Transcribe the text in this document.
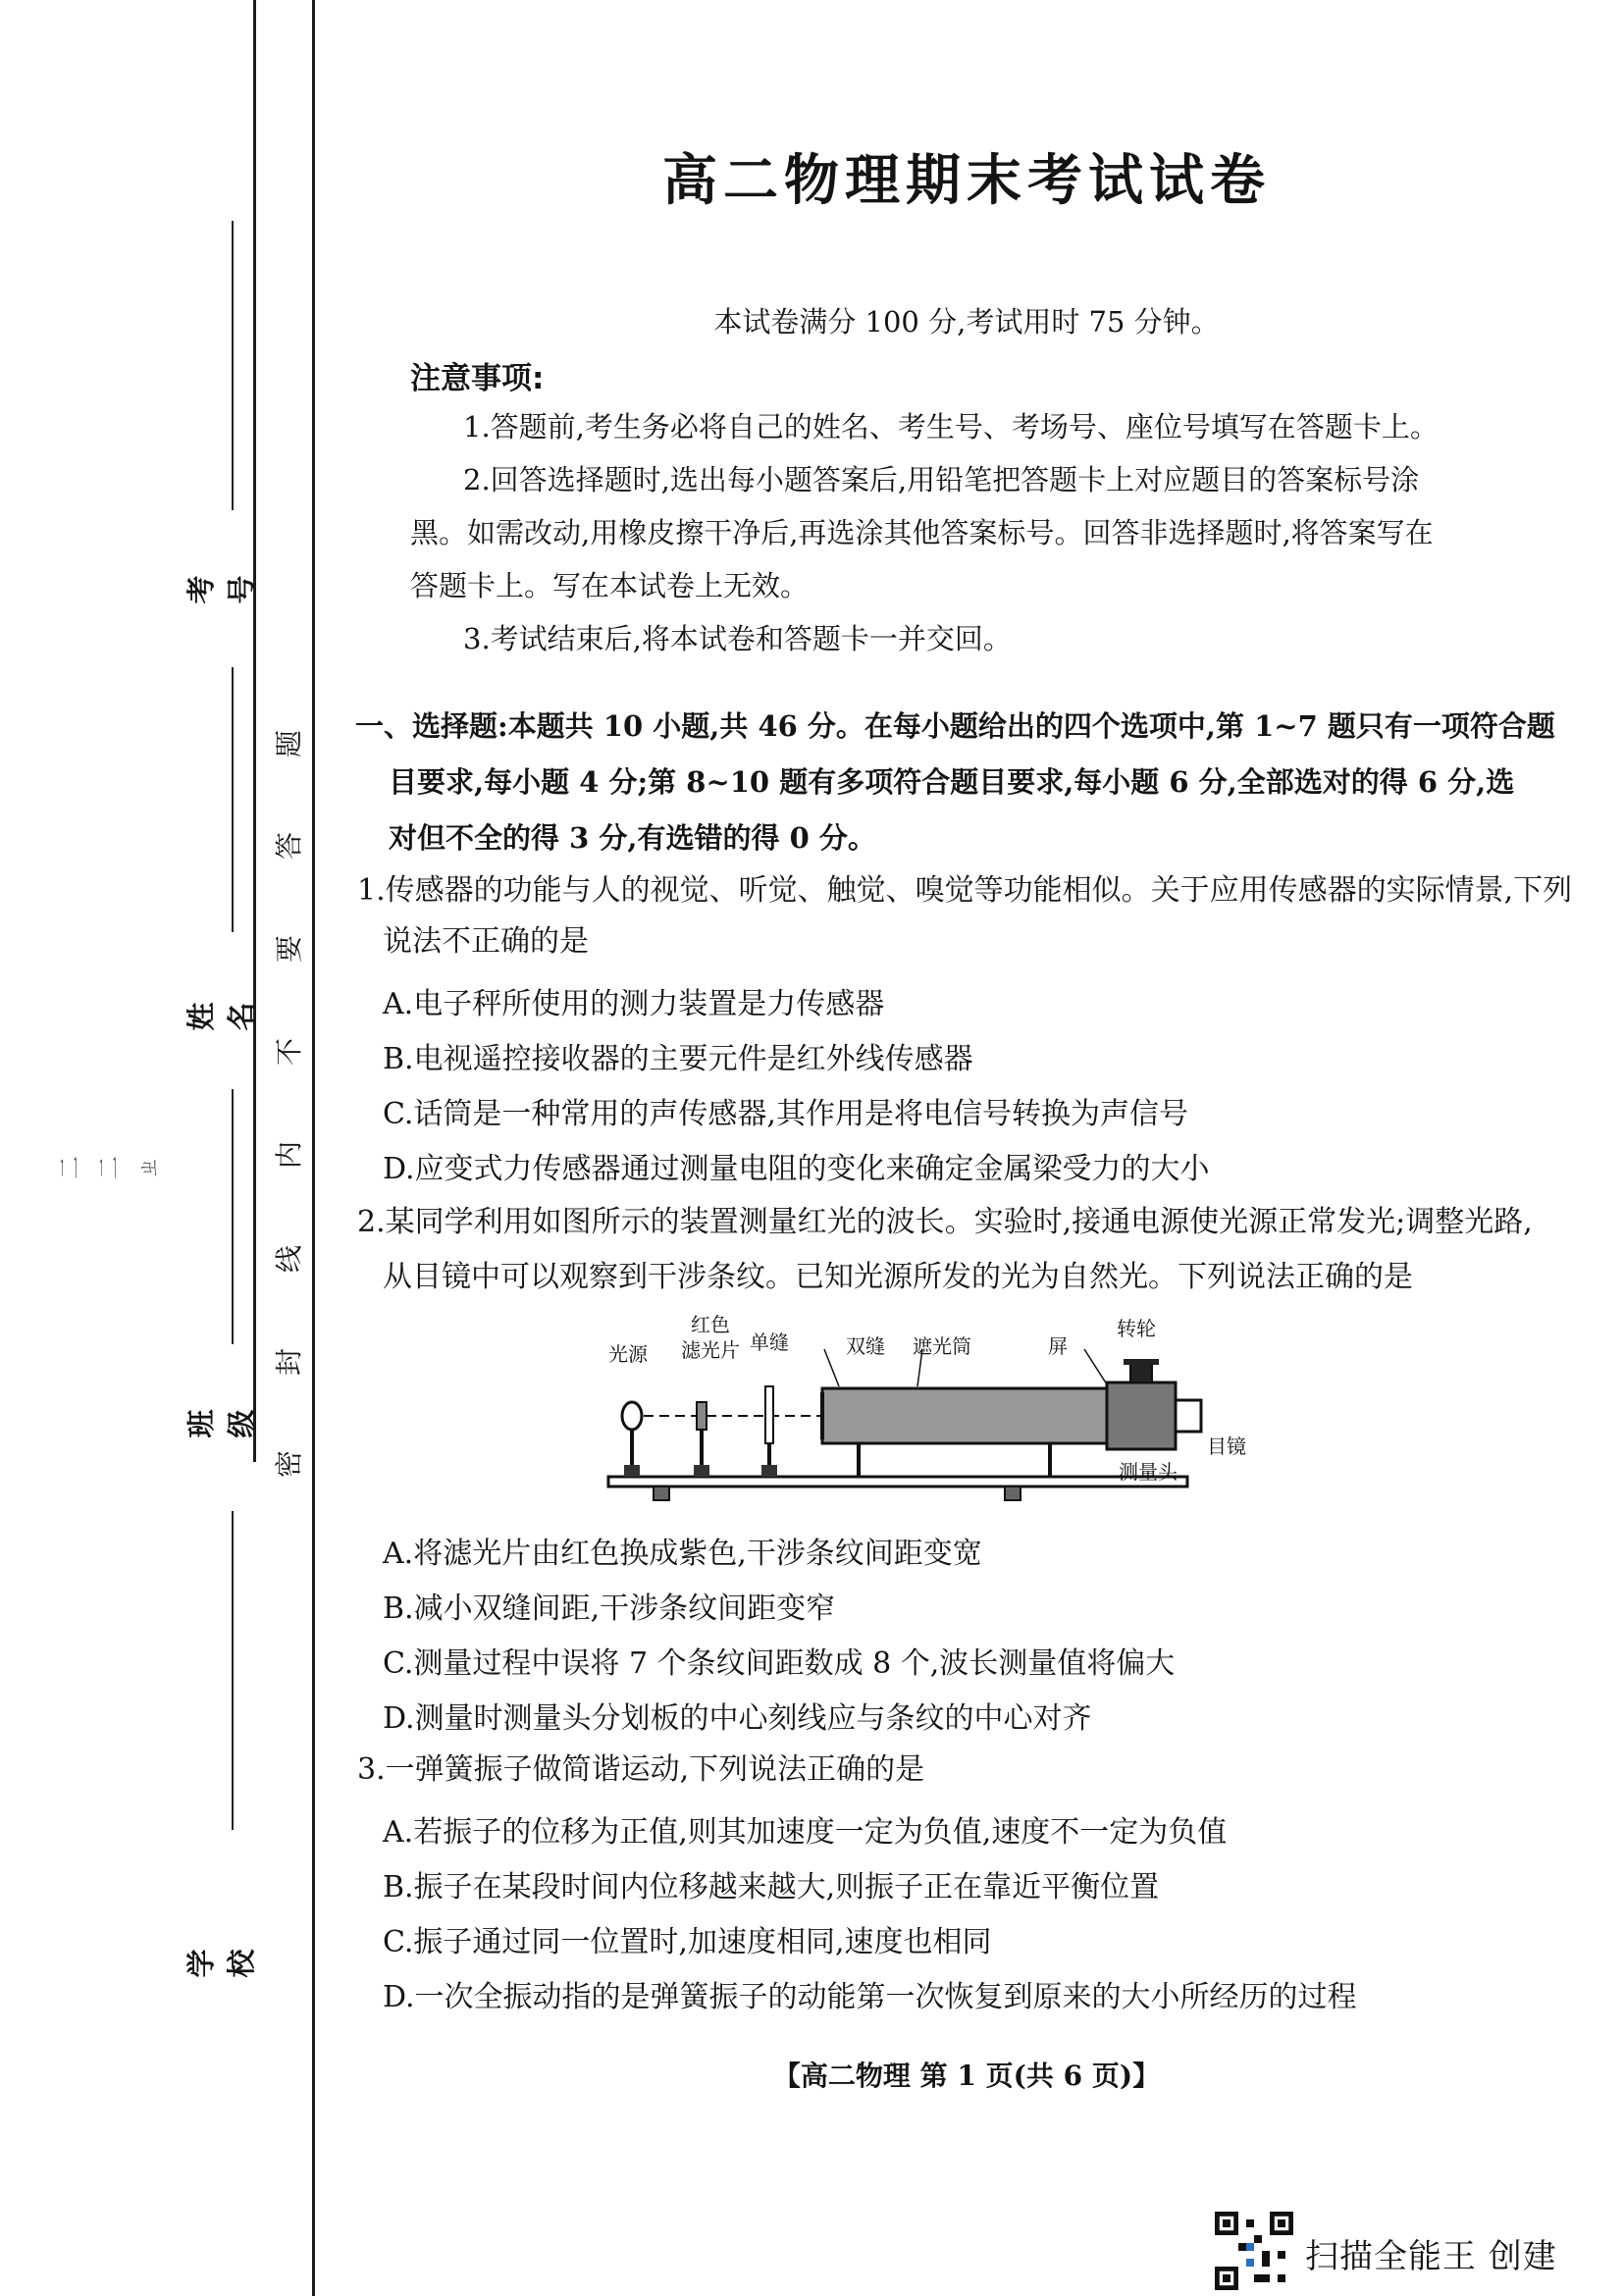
考号
姓名
班级
学校
题
答
要
不
内
线
封
密
二 二 ㄓ
高二物理期末考试试卷
本试卷满分 100 分,考试用时 75 分钟。
注意事项:
1.答题前,考生务必将自己的姓名、考生号、考场号、座位号填写在答题卡上。
2.回答选择题时,选出每小题答案后,用铅笔把答题卡上对应题目的答案标号涂
黑。如需改动,用橡皮擦干净后,再选涂其他答案标号。回答非选择题时,将答案写在
答题卡上。写在本试卷上无效。
3.考试结束后,将本试卷和答题卡一并交回。
一、选择题:本题共 10 小题,共 46 分。在每小题给出的四个选项中,第 1~7 题只有一项符合题
目要求,每小题 4 分;第 8~10 题有多项符合题目要求,每小题 6 分,全部选对的得 6 分,选
对但不全的得 3 分,有选错的得 0 分。
1.传感器的功能与人的视觉、听觉、触觉、嗅觉等功能相似。关于应用传感器的实际情景,下列
说法不正确的是
A.电子秤所使用的测力装置是力传感器
B.电视遥控接收器的主要元件是红外线传感器
C.话筒是一种常用的声传感器,其作用是将电信号转换为声信号
D.应变式力传感器通过测量电阻的变化来确定金属梁受力的大小
2.某同学利用如图所示的装置测量红光的波长。实验时,接通电源使光源正常发光;调整光路,
从目镜中可以观察到干涉条纹。已知光源所发的光为自然光。下列说法正确的是
光源
红色
滤光片 单缝	双缝 遮光筒	屏
转轮
目镜
测量头
A.将滤光片由红色换成紫色,干涉条纹间距变宽
B.减小双缝间距,干涉条纹间距变窄
C.测量过程中误将 7 个条纹间距数成 8 个,波长测量值将偏大
D.测量时测量头分划板的中心刻线应与条纹的中心对齐
3.一弹簧振子做简谐运动,下列说法正确的是
A.若振子的位移为正值,则其加速度一定为负值,速度不一定为负值
B.振子在某段时间内位移越来越大,则振子正在靠近平衡位置
C.振子通过同一位置时,加速度相同,速度也相同
D.一次全振动指的是弹簧振子的动能第一次恢复到原来的大小所经历的过程
【高二物理 第 1 页(共 6 页)】
扫描全能王 创建
